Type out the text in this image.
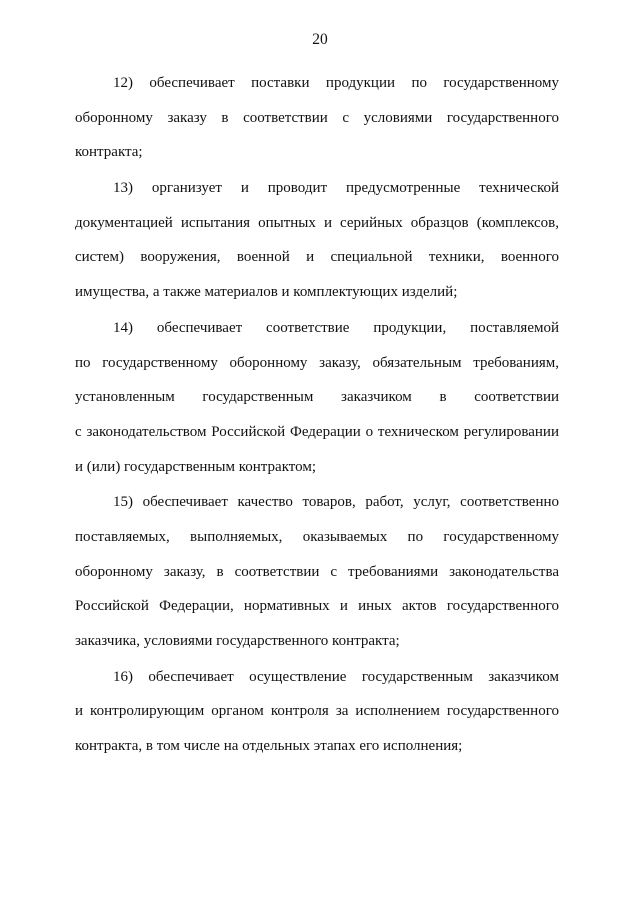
20
12) обеспечивает поставки продукции по государственному
оборонному заказу в соответствии с условиями государственного
контракта;
13) организует и проводит предусмотренные технической
документацией испытания опытных и серийных образцов (комплексов,
систем) вооружения, военной и специальной техники, военного
имущества, а также материалов и комплектующих изделий;
14) обеспечивает соответствие продукции, поставляемой
по государственному оборонному заказу, обязательным требованиям,
установленным государственным заказчиком в соответствии
с законодательством Российской Федерации о техническом регулировании
и (или) государственным контрактом;
15) обеспечивает качество товаров, работ, услуг, соответственно
поставляемых, выполняемых, оказываемых по государственному
оборонному заказу, в соответствии с требованиями законодательства
Российской Федерации, нормативных и иных актов государственного
заказчика, условиями государственного контракта;
16) обеспечивает осуществление государственным заказчиком
и контролирующим органом контроля за исполнением государственного
контракта, в том числе на отдельных этапах его исполнения;
